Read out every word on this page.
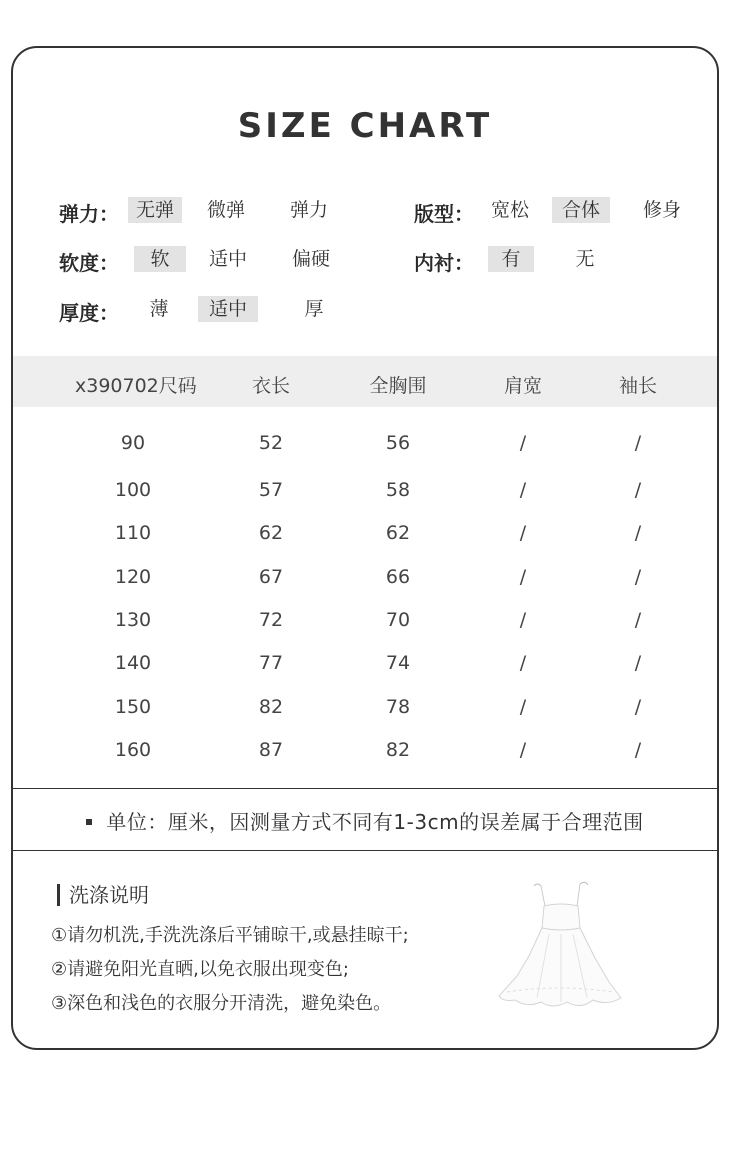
SIZE CHART
弹力： 无弹	微弹	弹力	版型： 宽松	合体	修身
软度：	软	适中	偏硬	内衬：	有	无
厚度：	薄	适中	厚
x390702尺码	衣长	全胸围	肩宽	袖长
90	52	56	/	/
100	57	58	/	/
110	62	62	/	/
120	67	66	/	/
130	72	70	/	/
140	77	74	/	/
150	82	78	/	/
160	87	82	/	/
单位：厘米，因测量方式不同有1-3cm的误差属于合理范围
洗涤说明
①请勿机洗,手洗洗涤后平铺晾干,或悬挂晾干;
②请避免阳光直晒,以免衣服出现变色;
③深色和浅色的衣服分开清洗，避免染色。
